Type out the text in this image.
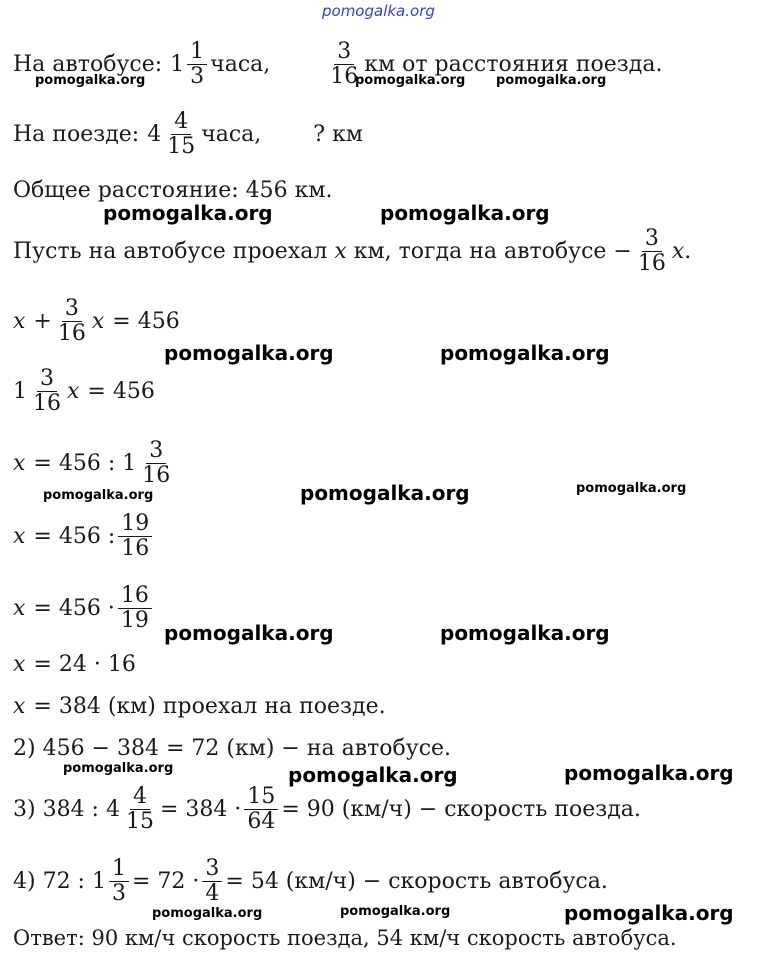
pomogalka.org
На автобусе: $1 \frac{1}{3}$ часа,	$\frac{3}{16}$ км от расстояния поезда.
pomogalka.org	pomogalka.org pomogalka.org
На поезде: $4 \frac{4}{15}$ часа, ? км
Общее расстояние: 456 км.
pomogalka.org	pomogalka.org
Пусть на автобусе проехал x км, тогда на автобусе − $\frac{3}{16}$ x .
$x + \frac{3}{16}$ x = 456
pomogalka.org	pomogalka.org
$1 \frac{3}{16}$ x = 456
x = 456 : $1 \frac{3}{16}$
pomogalka.org	pomogalka.org	pomogalka.org
x = 456 : $\frac{19}{16}$
$x = 456 \cdot \frac{16}{19}$
pomogalka.org	pomogalka.org
x = 24 · 16
x = 384 (км) проехал на поезде.
2) 456 − 384 = 72 (км) − на автобусе.
pomogalka.org	pomogalka.org	pomogalka.org
3) 384 : $4 \frac{4}{15} = 384 \cdot \frac{15}{64} = 90$ (км/ч) − скорость поезда.
4) 72 : $1 \frac{1}{3} = 72 \cdot \frac{3}{4} = 54$ (км/ч) − скорость автобуса.
pomogalka.org	pomogalka.org	pomogalka.org
Ответ: 90 км/ч скорость поезда, 54 км/ч скорость автобуса.
